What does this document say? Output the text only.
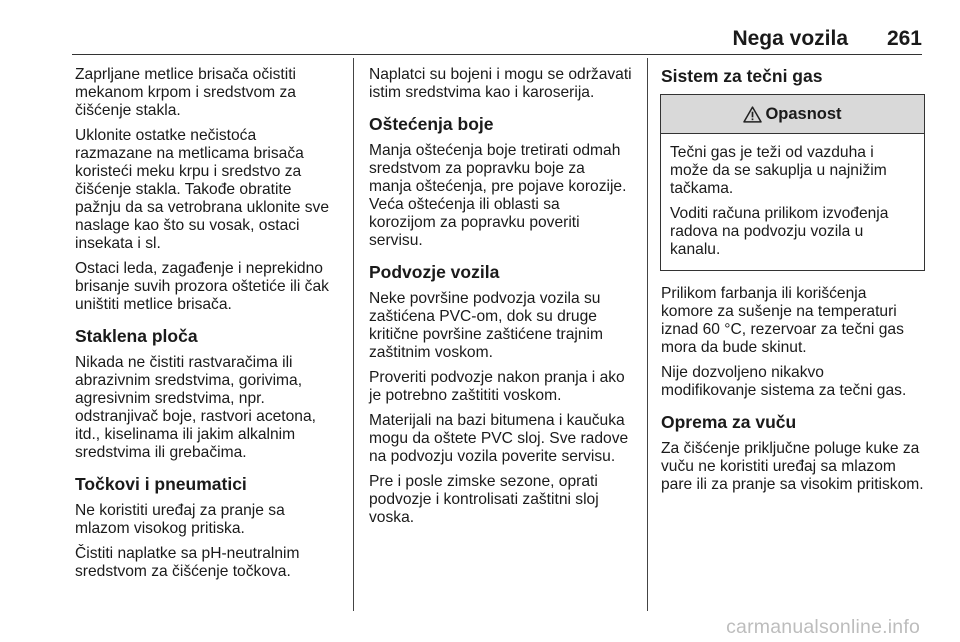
Nega vozila 261

Zaprljane metlice brisača očistiti
mekanom krpom i sredstvom za
čišćenje stakla.

Uklonite ostatke nečistoća
razmazane na metlicama brisača
koristeći meku krpu i sredstvo za
čišćenje stakla. Takođe obratite
pažnju da sa vetrobrana uklonite sve
naslage kao što su vosak, ostaci
insekata i sl.

Ostaci leda, zagađenje i neprekidno
brisanje suvih prozora oštetiće ili čak
uništiti metlice brisača.

Staklena ploča

Nikada ne čistiti rastvaračima ili
abrazivnim sredstvima, gorivima,
agresivnim sredstvima, npr.
odstranjivač boje, rastvori acetona,
itd., kiselinama ili jakim alkalnim
sredstvima ili grebačima.

Točkovi i pneumatici

Ne koristiti uređaj za pranje sa
mlazom visokog pritiska.

Čistiti naplatke sa pH-neutralnim
sredstvom za čišćenje točkova.

Naplatci su bojeni i mogu se održavati
istim sredstvima kao i karoserija.

Oštećenja boje

Manja oštećenja boje tretirati odmah
sredstvom za popravku boje za
manja oštećenja, pre pojave korozije.
Veća oštećenja ili oblasti sa
korozijom za popravku poveriti
servisu.

Podvozje vozila

Neke površine podvozja vozila su
zaštićena PVC-om, dok su druge
kritične površine zaštićene trajnim
zaštitnim voskom.

Proveriti podvozje nakon pranja i ako
je potrebno zaštititi voskom.

Materijali na bazi bitumena i kaučuka
mogu da oštete PVC sloj. Sve radove
na podvozju vozila poverite servisu.

Pre i posle zimske sezone, oprati
podvozje i kontrolisati zaštitni sloj
voska.

Sistem za tečni gas
Opasnost

Tečni gas je teži od vazduha i
može da se sakuplja u najnižim
tačkama.

Voditi računa prilikom izvođenja
radova na podvozju vozila u
kanalu.

Prilikom farbanja ili korišćenja
komore za sušenje na temperaturi
iznad 60 °C, rezervoar za tečni gas
mora da bude skinut.

Nije dozvoljeno nikakvo
modifikovanje sistema za tečni gas.

Oprema za vuču

Za čišćenje priključne poluge kuke za
vuču ne koristiti uređaj sa mlazom
pare ili za pranje sa visokim pritiskom.

carmanualsonline.info
